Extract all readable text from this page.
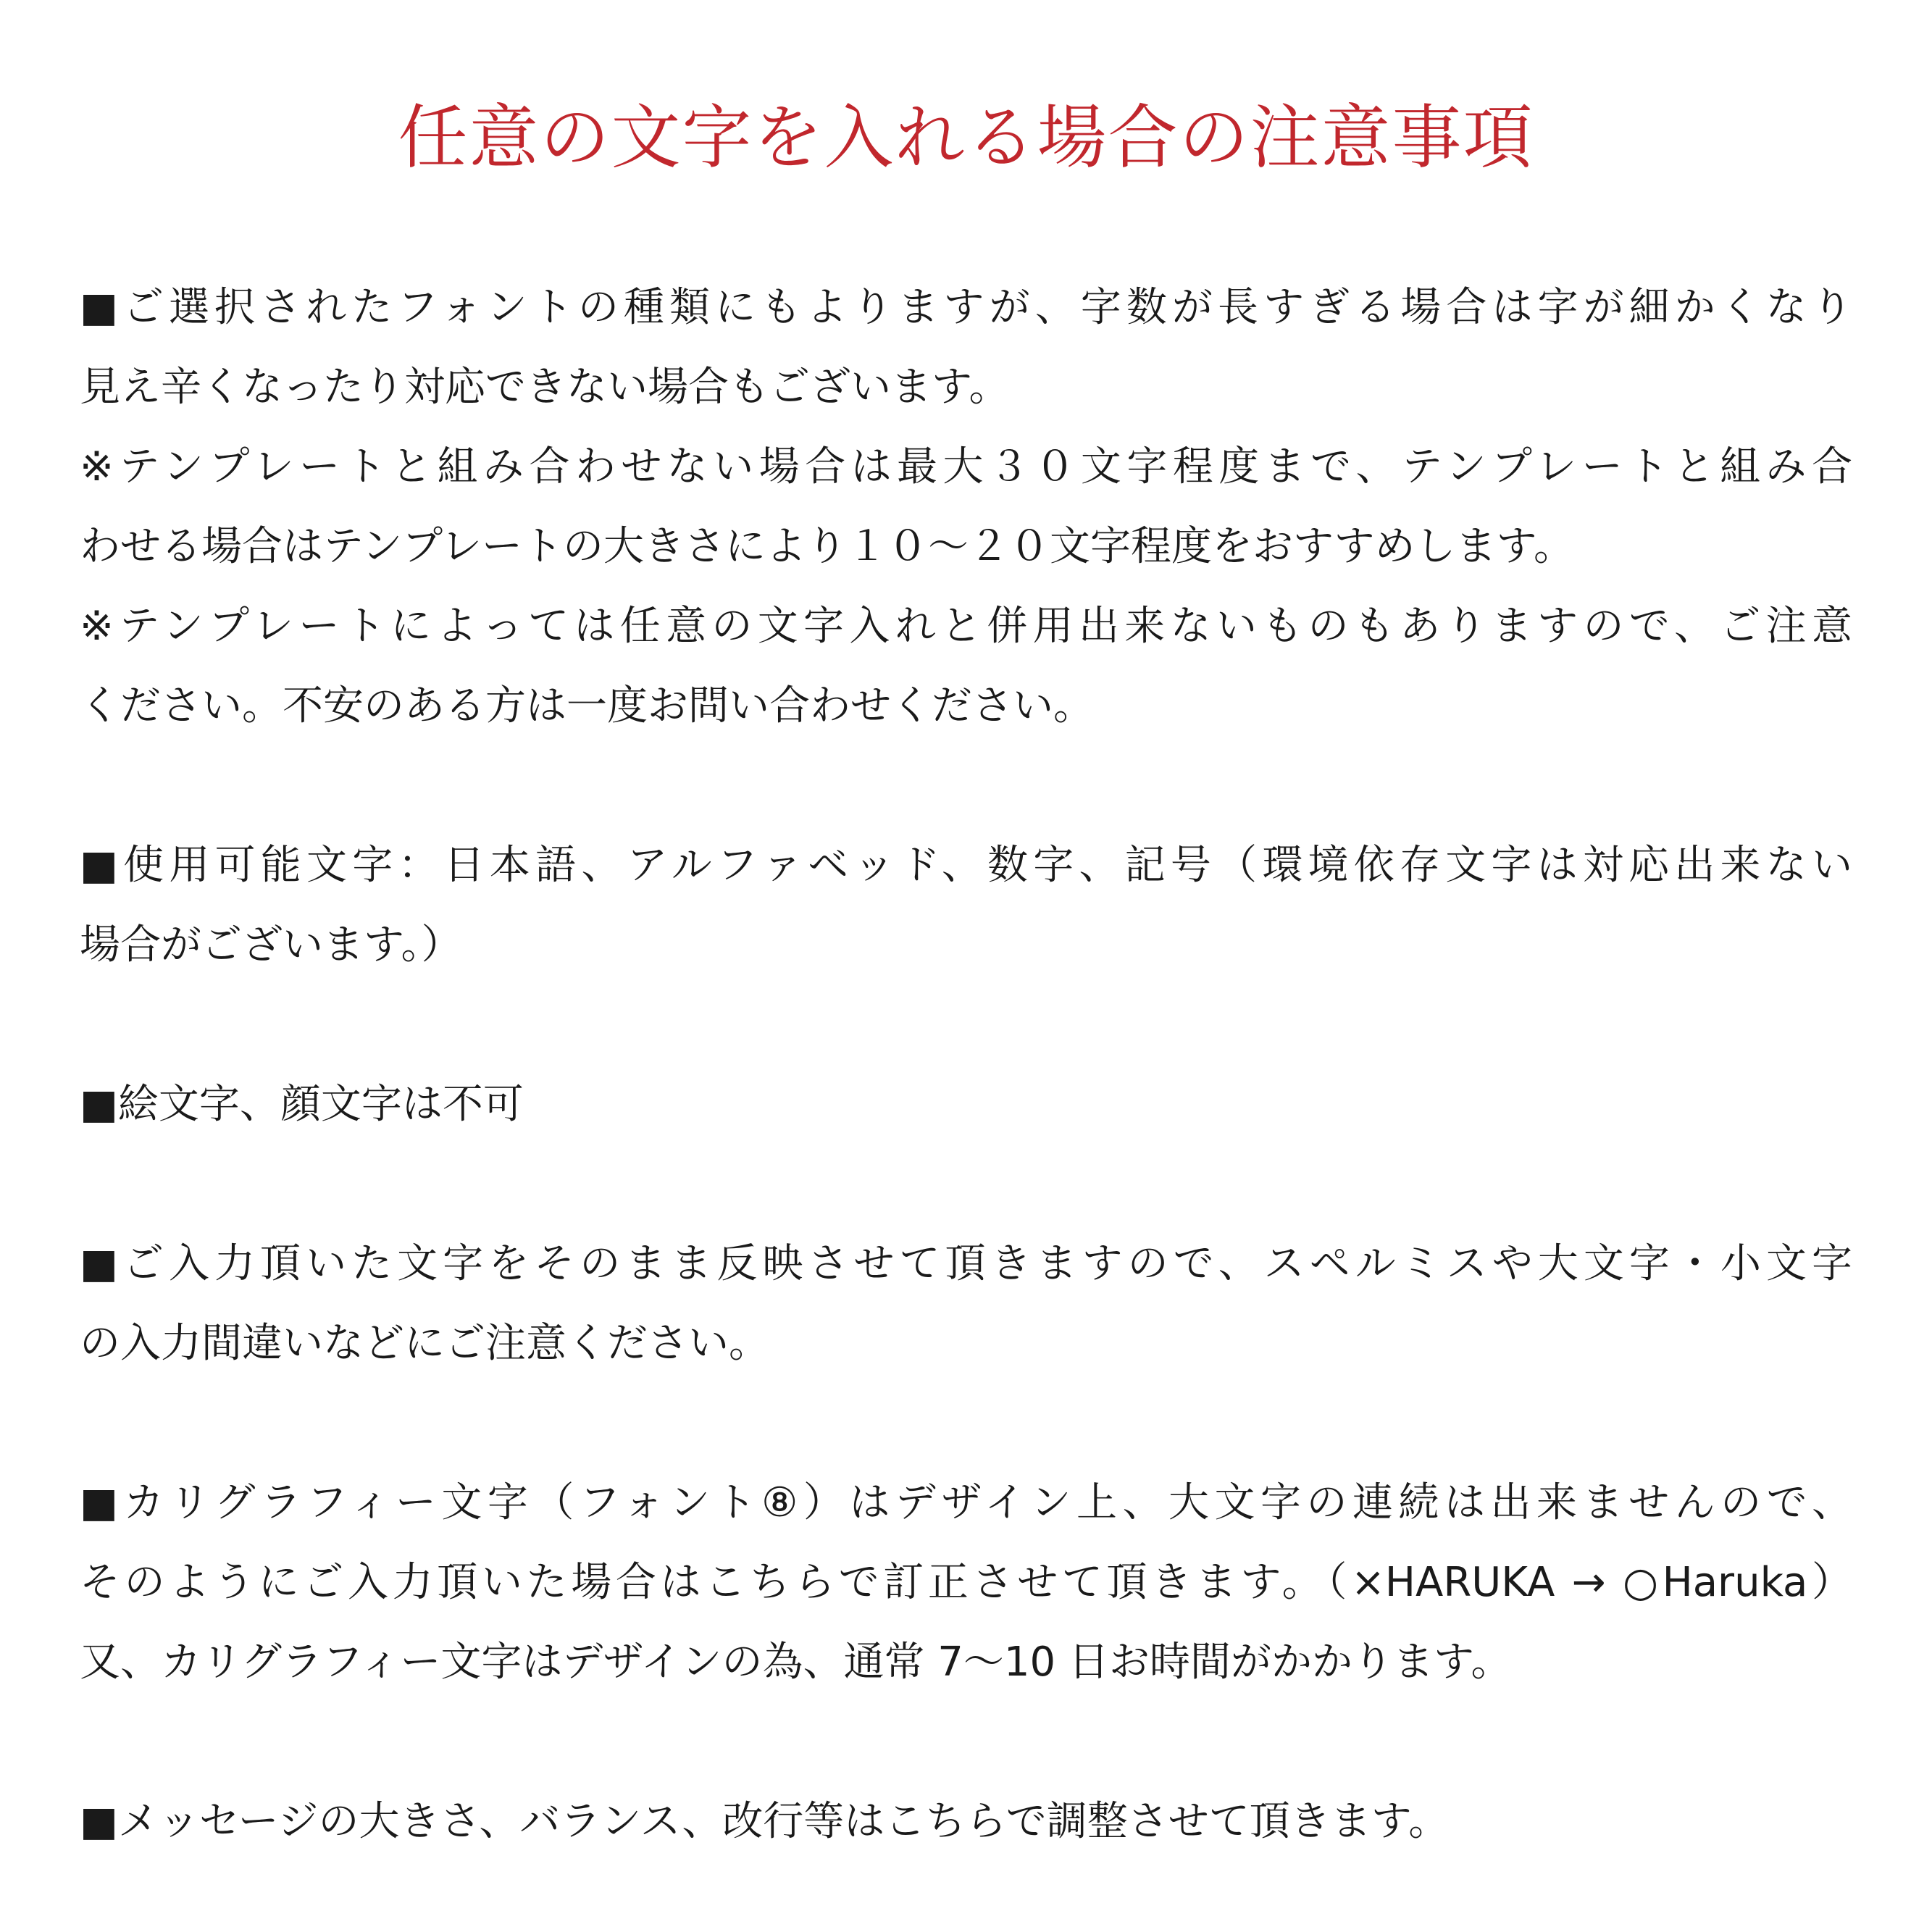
任意の文字を入れる場合の注意事項

■ご選択されたフォントの種類にもよりますが、字数が長すぎる場合は字が細かくなり

見え辛くなったり対応できない場合もございます。

※テンプレートと組み合わせない場合は最大３０文字程度まで、テンプレートと組み合

わせる場合はテンプレートの大きさにより１０～２０文字程度をおすすめします。

※テンプレートによっては任意の文字入れと併用出来ないものもありますので、ご注意

ください。不安のある方は一度お問い合わせください。

■使用可能文字：日本語、アルファベッド、数字、記号（環境依存文字は対応出来ない

場合がございます。）

■絵文字、顔文字は不可

■ご入力頂いた文字をそのまま反映させて頂きますので、スペルミスや大文字・小文字

の入力間違いなどにご注意ください。

■カリグラフィー文字（フォント⑧）はデザイン上、大文字の連続は出来ませんので、

そのようにご入力頂いた場合はこちらで訂正させて頂きます。（×HARUKA → ○Haruka）

又、カリグラフィー文字はデザインの為、通常 7～10 日お時間がかかります。

■メッセージの大きさ、バランス、改行等はこちらで調整させて頂きます。
